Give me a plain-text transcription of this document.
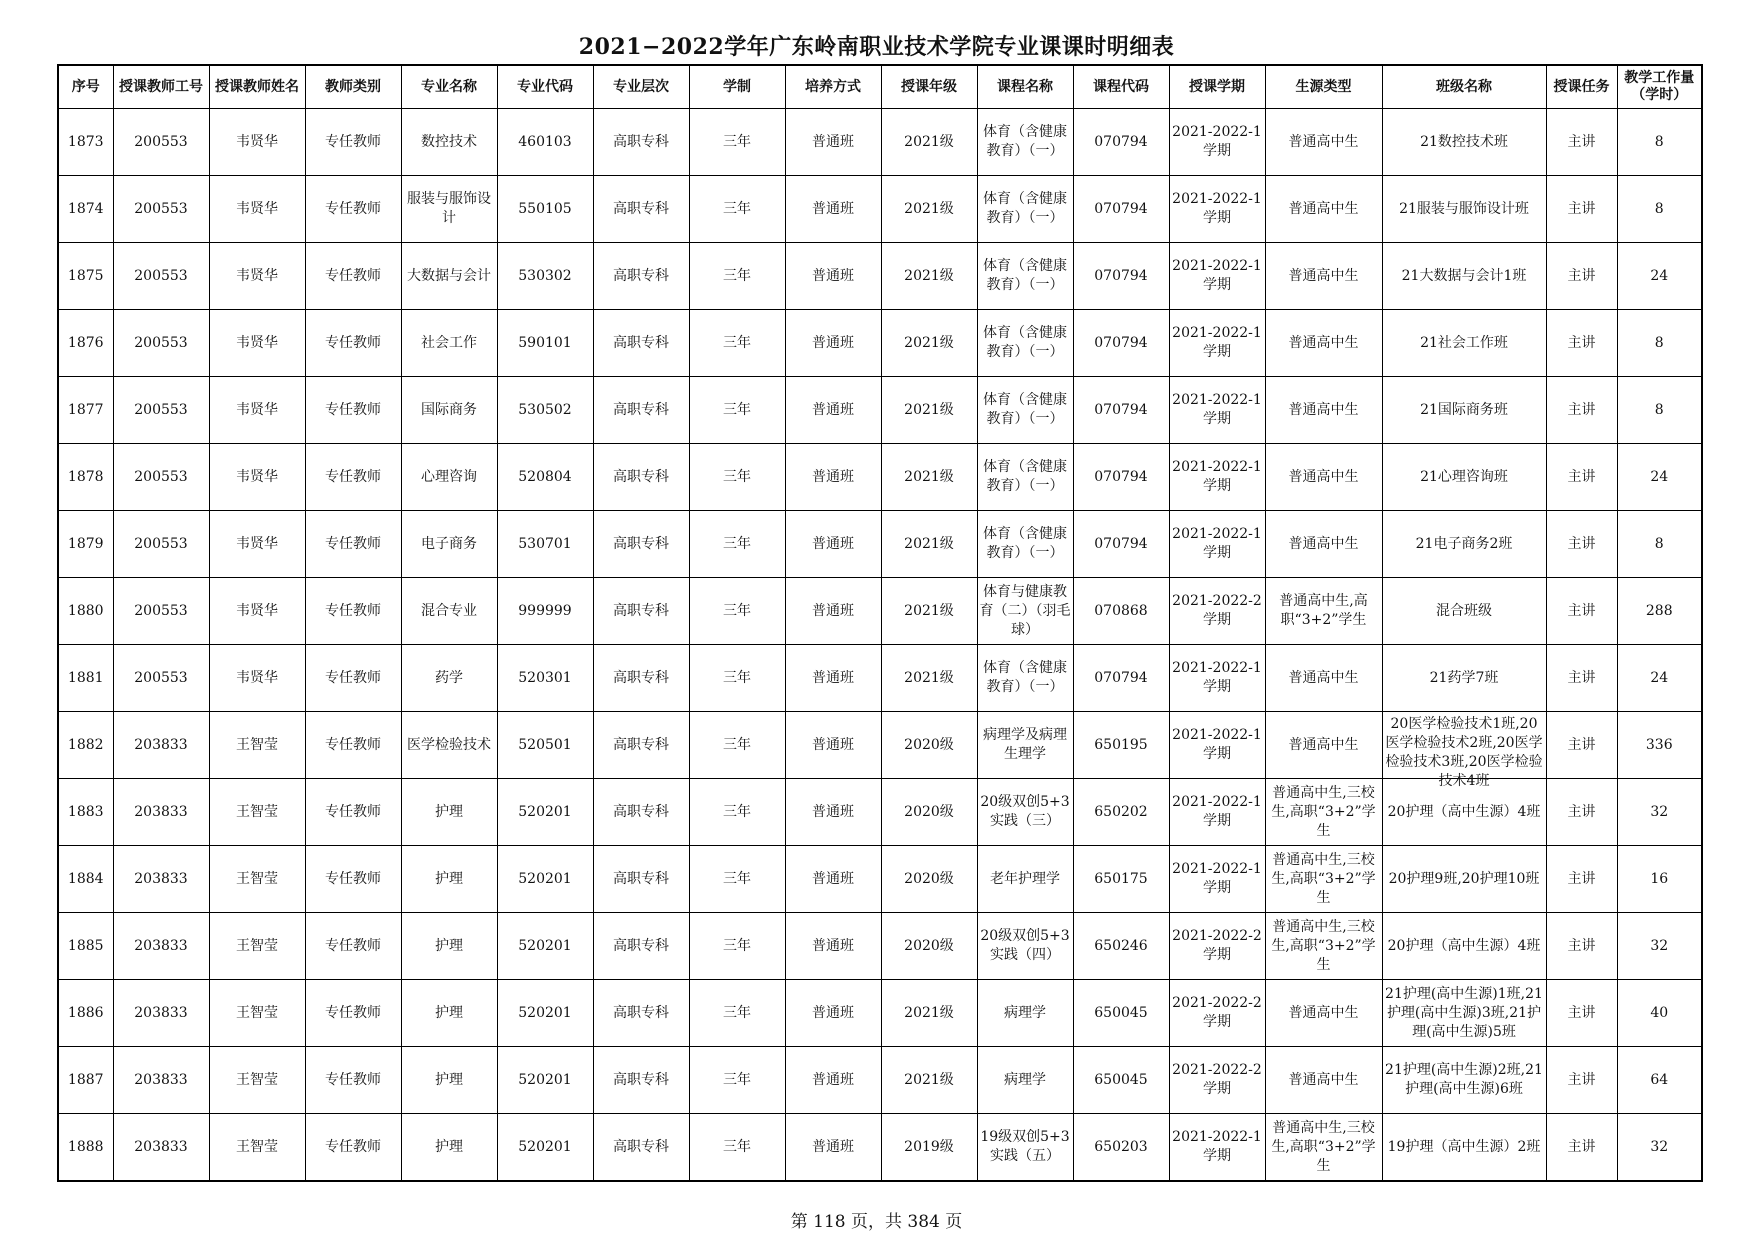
2021−2022学年广东岭南职业技术学院专业课课时明细表
序号	授课教师工号	授课教师姓名	教师类别	专业名称	专业代码	专业层次	学制	培养方式	授课年级	课程名称	课程代码	授课学期	生源类型	班级名称	授课任务	教学工作量（学时）

1873	200553	韦贤华	专任教师	数控技术	460103	高职专科	三年	普通班	2021级	体育（含健康教育）（一）	070794	2021-2022-1学期	普通高中生	21数控技术班	主讲	8

1874	200553	韦贤华	专任教师	服装与服饰设计	550105	高职专科	三年	普通班	2021级	体育（含健康教育）（一）	070794	2021-2022-1学期	普通高中生	21服装与服饰设计班	主讲	8

1875	200553	韦贤华	专任教师	大数据与会计	530302	高职专科	三年	普通班	2021级	体育（含健康教育）（一）	070794	2021-2022-1学期	普通高中生	21大数据与会计1班	主讲	24

1876	200553	韦贤华	专任教师	社会工作	590101	高职专科	三年	普通班	2021级	体育（含健康教育）（一）	070794	2021-2022-1学期	普通高中生	21社会工作班	主讲	8

1877	200553	韦贤华	专任教师	国际商务	530502	高职专科	三年	普通班	2021级	体育（含健康教育）（一）	070794	2021-2022-1学期	普通高中生	21国际商务班	主讲	8

1878	200553	韦贤华	专任教师	心理咨询	520804	高职专科	三年	普通班	2021级	体育（含健康教育）（一）	070794	2021-2022-1学期	普通高中生	21心理咨询班	主讲	24

1879	200553	韦贤华	专任教师	电子商务	530701	高职专科	三年	普通班	2021级	体育（含健康教育）（一）	070794	2021-2022-1学期	普通高中生	21电子商务2班	主讲	8

1880	200553	韦贤华	专任教师	混合专业	999999	高职专科	三年	普通班	2021级	体育与健康教育（二）（羽毛球）	070868	2021-2022-2学期	普通高中生,高职“3+2”学生	混合班级	主讲	288

1881	200553	韦贤华	专任教师	药学	520301	高职专科	三年	普通班	2021级	体育（含健康教育）（一）	070794	2021-2022-1学期	普通高中生	21药学7班	主讲	24

1882	203833	王智莹	专任教师	医学检验技术	520501	高职专科	三年	普通班	2020级	病理学及病理生理学	650195	2021-2022-1学期	普通高中生	20医学检验技术1班,20医学检验技术2班,20医学检验技术3班,20医学检验技术4班	主讲	336

1883	203833	王智莹	专任教师	护理	520201	高职专科	三年	普通班	2020级	20级双创5+3实践（三）	650202	2021-2022-1学期	普通高中生,三校生,高职“3+2”学生	20护理（高中生源）4班	主讲	32

1884	203833	王智莹	专任教师	护理	520201	高职专科	三年	普通班	2020级	老年护理学	650175	2021-2022-1学期	普通高中生,三校生,高职“3+2”学生	20护理9班,20护理10班	主讲	16

1885	203833	王智莹	专任教师	护理	520201	高职专科	三年	普通班	2020级	20级双创5+3实践（四）	650246	2021-2022-2学期	普通高中生,三校生,高职“3+2”学生	20护理（高中生源）4班	主讲	32

1886	203833	王智莹	专任教师	护理	520201	高职专科	三年	普通班	2021级	病理学	650045	2021-2022-2学期	普通高中生	21护理(高中生源)1班,21护理(高中生源)3班,21护理(高中生源)5班	主讲	40

1887	203833	王智莹	专任教师	护理	520201	高职专科	三年	普通班	2021级	病理学	650045	2021-2022-2学期	普通高中生	21护理(高中生源)2班,21护理(高中生源)6班	主讲	64

1888	203833	王智莹	专任教师	护理	520201	高职专科	三年	普通班	2019级	19级双创5+3实践（五）	650203	2021-2022-1学期	普通高中生,三校生,高职“3+2”学生	19护理（高中生源）2班	主讲	32
第 118 页，共 384 页
